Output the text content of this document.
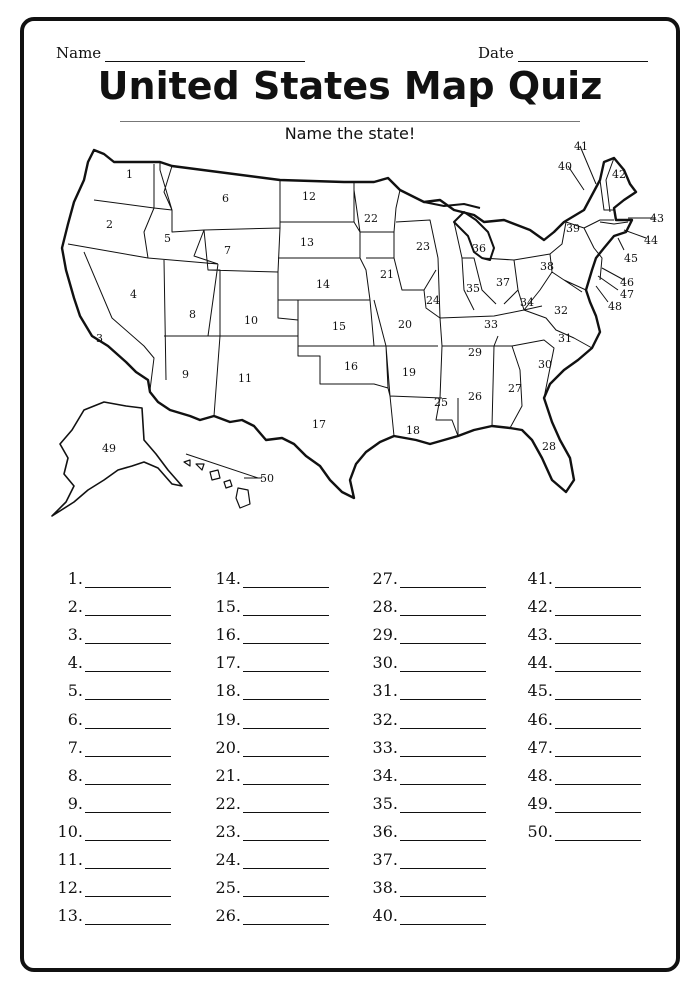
Name	Date
United States Map Quiz
Name the state!
1
2
3
4
5
6
7
8
9
10
11
12
13
14
15
16
17	18
19
20
21
22
23
24
25 26
27
28
29
30
31
32
33
34
35
36
37
38
39
40
41
42
43
44
45
46
47
48
49
50
1.
2.
3.
4.
5.
6.
7.
8.
9.
10.
11.
12.
13.
14.
15.
16.
17.
18.
19.
20.
21.
22.
23.
24.
25.
26.
27.
28.
29.
30.
31.
32.
33.
34.
35.
36.
37.
38.
40.
41.
42.
43.
44.
45.
46.
47.
48.
49.
50.
